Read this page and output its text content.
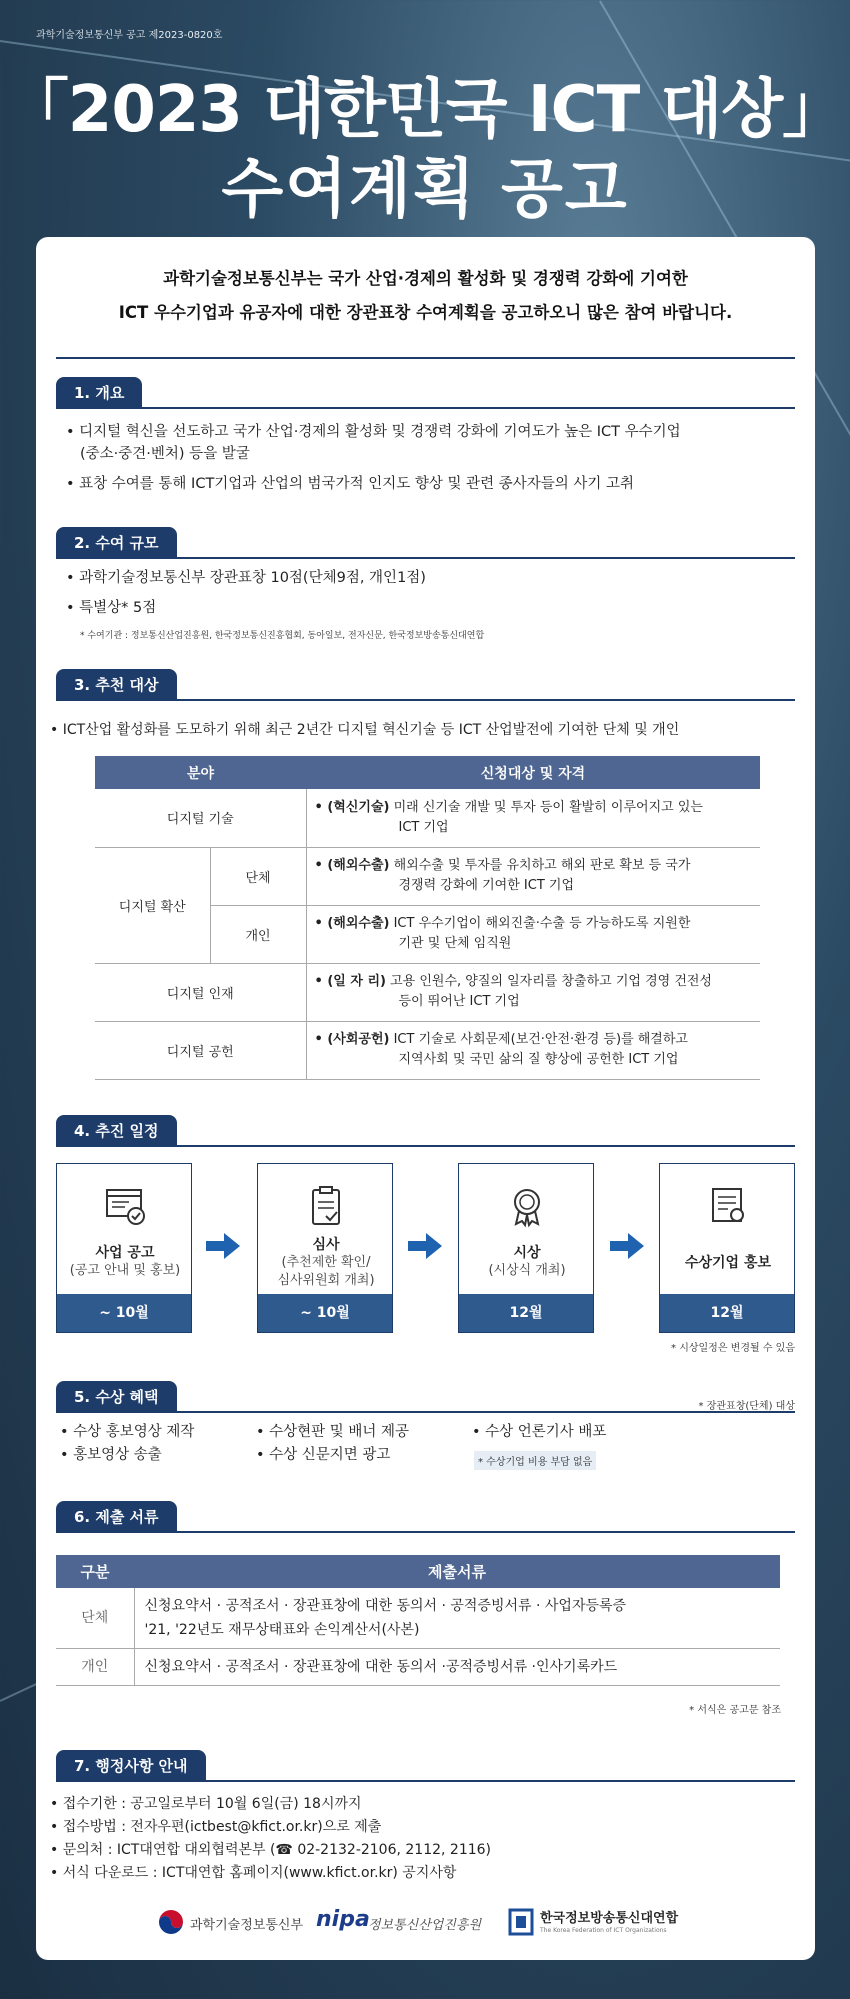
과학기술정보통신부 공고 제2023-0820호
「2023 대한민국 ICT 대상」
수여계획 공고
과학기술정보통신부는 국가 산업·경제의 활성화 및 경쟁력 강화에 기여한
ICT 우수기업과 유공자에 대한 장관표창 수여계획을 공고하오니 많은 참여 바랍니다.
1. 개요
• 디지털 혁신을 선도하고 국가 산업·경제의 활성화 및 경쟁력 강화에 기여도가 높은 ICT 우수기업
(중소·중견·벤처) 등을 발굴
• 표창 수여를 통해 ICT기업과 산업의 범국가적 인지도 향상 및 관련 종사자들의 사기 고취
2. 수여 규모
• 과학기술정보통신부 장관표창 10점(단체9점, 개인1점)
• 특별상* 5점
* 수여기관 : 정보통신산업진흥원, 한국정보통신진흥협회, 동아일보, 전자신문, 한국정보방송통신대연합
3. 추천 대상
• ICT산업 활성화를 도모하기 위해 최근 2년간 디지털 혁신기술 등 ICT 산업발전에 기여한 단체 및 개인
분야		신청대상 및 자격
디지털 기술		• (혁신기술) 미래 신기술 개발 및 투자 등이 활발히 이루어지고 있는
ICT 기업

디지털 확산	단체	• (해외수출) 해외수출 및 투자를 유치하고 해외 판로 확보 등 국가
경쟁력 강화에 기여한 ICT 기업

	개인	• (해외수출) ICT 우수기업이 해외진출·수출 등 가능하도록 지원한
기관 및 단체 임직원

디지털 인재		• (일 자 리) 고용 인원수, 양질의 일자리를 창출하고 기업 경영 건전성
등이 뛰어난 ICT 기업

디지털 공헌		• (사회공헌) ICT 기술로 사회문제(보건·안전·환경 등)를 해결하고
지역사회 및 국민 삶의 질 향상에 공헌한 ICT 기업
4. 추진 일정
사업 공고
(공고 안내 및 홍보)
~ 10월
심사
(추천제한 확인/
심사위원회 개최)
~ 10월
시상
(시상식 개최)
12월
수상기업 홍보
12월
* 시상일정은 변경될 수 있음
5. 수상 혜택
* 장관표창(단체) 대상
• 수상 홍보영상 제작
• 홍보영상 송출
• 수상현판 및 배너 제공
• 수상 신문지면 광고
• 수상 언론기사 배포
* 수상기업 비용 부담 없음
6. 제출 서류
구분	제출서류
단체	신청요약서 · 공적조서 · 장관표창에 대한 동의서 · 공적증빙서류 · 사업자등록증
'21, '22년도 재무상태표와 손익계산서(사본)
개인	신청요약서 · 공적조서 · 장관표창에 대한 동의서 ·공적증빙서류 ·인사기록카드
* 서식은 공고문 참조
7. 행정사항 안내
• 접수기한 : 공고일로부터 10월 6일(금) 18시까지
• 접수방법 : 전자우편(ictbest@kfict.or.kr)으로 제출
• 문의처 : ICT대연합 대외협력본부 (☎ 02-2132-2106, 2112, 2116)
• 서식 다운로드 : ICT대연합 홈페이지(www.kfict.or.kr) 공지사항
과학기술정보통신부 nipa
정보통신산업진흥원	한국정보방송통신대연합
The Korea Federation of ICT Organizations
